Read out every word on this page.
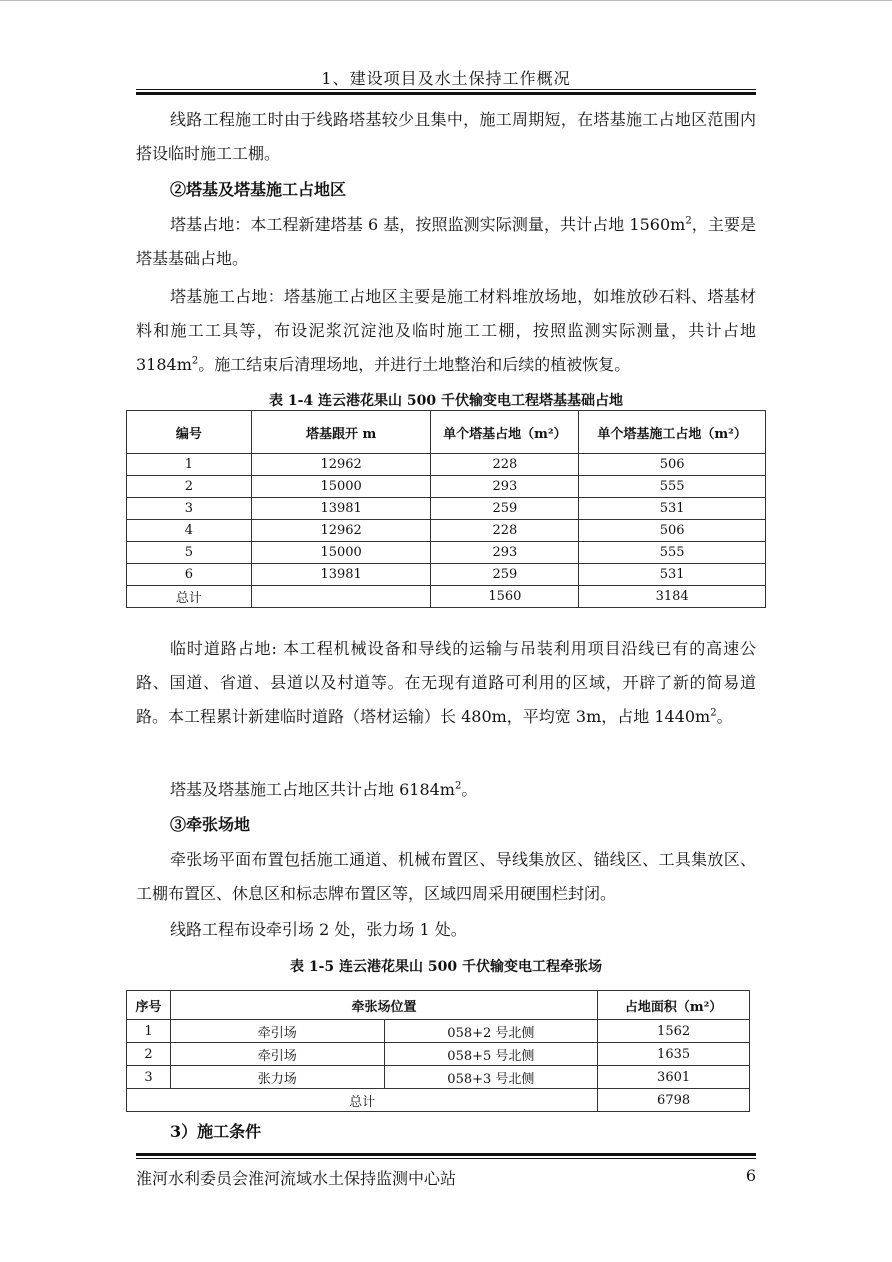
1、建设项目及水土保持工作概况
线路工程施工时由于线路塔基较少且集中，施工周期短，在塔基施工占地区范围内搭设临时施工工棚。
②塔基及塔基施工占地区
塔基占地：本工程新建塔基 6 基，按照监测实际测量，共计占地 $1560m^2$，主要是塔基基础占地。
塔基施工占地：塔基施工占地区主要是施工材料堆放场地，如堆放砂石料、塔基材料和施工工具等，布设泥浆沉淀池及临时施工工棚，按照监测实际测量，共计占地 $3184m^2$。施工结束后清理场地，并进行土地整治和后续的植被恢复。
表 1-4 连云港花果山 500 千伏输变电工程塔基基础占地
编号	塔基跟开 m	单个塔基占地（m²）	单个塔基施工占地（m²）
1	12962	228	506
2	15000	293	555
3	13981	259	531
4	12962	228	506
5	15000	293	555
6	13981	259	531
总计		1560	3184
临时道路占地: 本工程机械设备和导线的运输与吊装利用项目沿线已有的高速公路、国道、省道、县道以及村道等。在无现有道路可利用的区域，开辟了新的简易道路。本工程累计新建临时道路（塔材运输）长 480m，平均宽 3m，占地 $1440m^2$。
塔基及塔基施工占地区共计占地 $6184m^2$。
③牵张场地
牵张场平面布置包括施工通道、机械布置区、导线集放区、锚线区、工具集放区、工棚布置区、休息区和标志牌布置区等，区域四周采用硬围栏封闭。
线路工程布设牵引场 2 处，张力场 1 处。
表 1-5 连云港花果山 500 千伏输变电工程牵张场
序号	牵张场位置		占地面积（m²）
1	牵引场	058+2 号北侧	1562
2	牵引场	058+5 号北侧	1635
3	张力场	058+3 号北侧	3601
总计			6798
3）施工条件
淮河水利委员会淮河流域水土保持监测中心站	6
